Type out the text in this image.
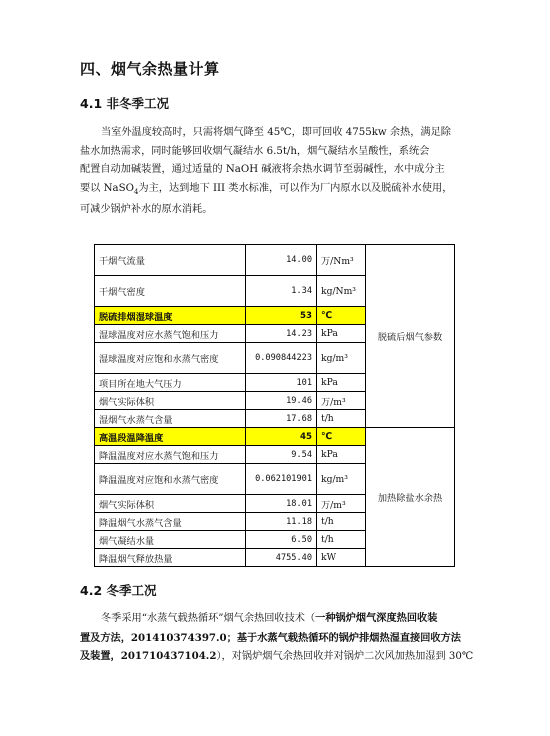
四、烟气余热量计算
4.1 非冬季工况

当室外温度较高时，只需将烟气降至 45℃，即可回收 4755kw 余热，满足除

盐水加热需求，同时能够回收烟气凝结水 6.5t/h，烟气凝结水呈酸性，系统会

配置自动加碱装置，通过适量的 NaOH 碱液将余热水调节至弱碱性，水中成分主

要以 NaSO$_4$为主，达到地下 III 类水标准，可以作为厂内原水以及脱硫补水使用，

可减少锅炉补水的原水消耗。

干烟气流量	14.00	万/Nm³	脱硫后烟气参数
干烟气密度	1.34	kg/Nm³	
脱硫排烟湿球温度	53	℃	
湿球温度对应水蒸气饱和压力	14.23	kPa	
湿球温度对应饱和水蒸气密度	0.090844223	kg/m³	
项目所在地大气压力	101	kPa	
烟气实际体积	19.46	万/m³	
湿烟气水蒸气含量	17.68	t/h	
高温段温降温度	45	℃	加热除盐水余热
降温温度对应水蒸气饱和压力	9.54	kPa	
降温温度对应饱和水蒸气密度	0.062101901	kg/m³	
烟气实际体积	18.01	万/m³	
降温烟气水蒸气含量	11.18	t/h	
烟气凝结水量	6.50	t/h	
降温烟气释放热量	4755.40	kW	
4.2 冬季工况

冬季采用“水蒸气载热循环”烟气余热回收技术（一种锅炉烟气深度热回收装

置及方法，201410374397.0；基于水蒸气载热循环的锅炉排烟热湿直接回收方法

及装置，201710437104.2），对锅炉烟气余热回收并对锅炉二次风加热加湿到 30℃
